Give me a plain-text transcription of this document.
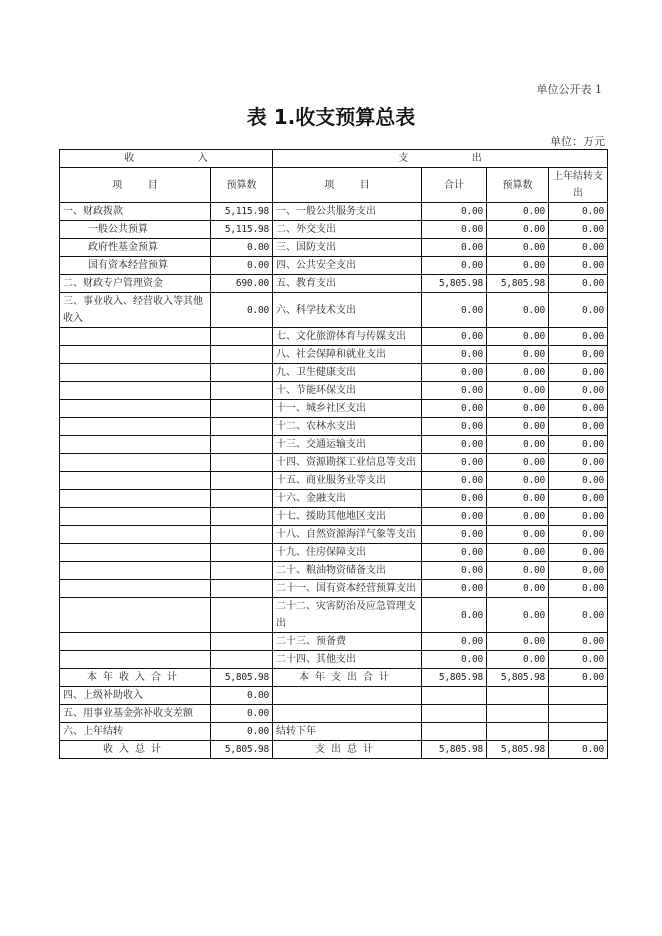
单位公开表 1
表 1.收支预算总表
单位：万元
收                    入		支                    出			
项        目	预算数	项        目	合计	预算数	上年结转支出
一、财政拨款	5,115.98	一、一般公共服务支出	0.00	0.00	0.00
一般公共预算	5,115.98	二、外交支出	0.00	0.00	0.00
政府性基金预算	0.00	三、国防支出	0.00	0.00	0.00
国有资本经营预算	0.00	四、公共安全支出	0.00	0.00	0.00
二、财政专户管理资金	690.00	五、教育支出	5,805.98	5,805.98	0.00
三、事业收入、经营收入等其他收入	0.00	六、科学技术支出	0.00	0.00	0.00
		七、文化旅游体育与传媒支出	0.00	0.00	0.00
		八、社会保障和就业支出	0.00	0.00	0.00
		九、卫生健康支出	0.00	0.00	0.00
		十、节能环保支出	0.00	0.00	0.00
		十一、城乡社区支出	0.00	0.00	0.00
		十二、农林水支出	0.00	0.00	0.00
		十三、交通运输支出	0.00	0.00	0.00
		十四、资源勘探工业信息等支出	0.00	0.00	0.00
		十五、商业服务业等支出	0.00	0.00	0.00
		十六、金融支出	0.00	0.00	0.00
		十七、援助其他地区支出	0.00	0.00	0.00
		十八、自然资源海洋气象等支出	0.00	0.00	0.00
		十九、住房保障支出	0.00	0.00	0.00
		二十、粮油物资储备支出	0.00	0.00	0.00
		二十一、国有资本经营预算支出	0.00	0.00	0.00
		二十二、灾害防治及应急管理支出	0.00	0.00	0.00
		二十三、预备费	0.00	0.00	0.00
		二十四、其他支出	0.00	0.00	0.00
本年收入合计	5,805.98	本年支出合计	5,805.98	5,805.98	0.00
四、上级补助收入	0.00				
五、用事业基金弥补收支差额	0.00				
六、上年结转	0.00	结转下年			
收入总计	5,805.98	支出总计	5,805.98	5,805.98	0.00
